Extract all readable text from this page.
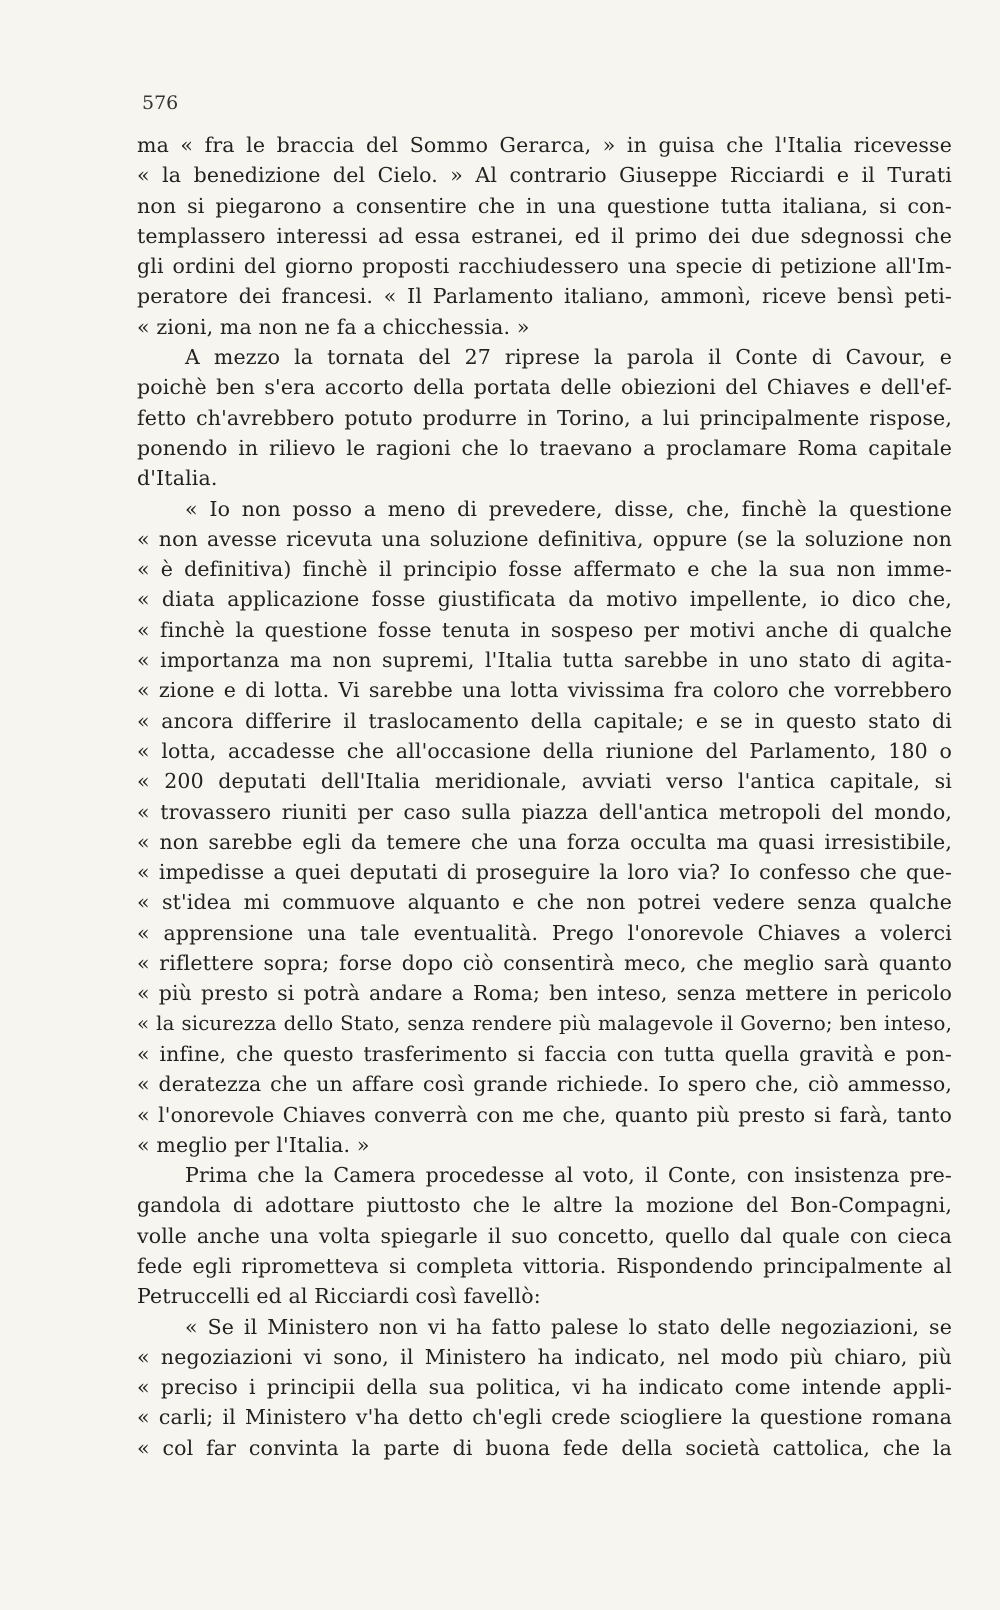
576
ma « fra le braccia del Sommo Gerarca, » in guisa che l'Italia ricevesse
« la benedizione del Cielo. » Al contrario Giuseppe Ricciardi e il Turati
non si piegarono a consentire che in una questione tutta italiana, si con-
templassero interessi ad essa estranei, ed il primo dei due sdegnossi che
gli ordini del giorno proposti racchiudessero una specie di petizione all'Im-
peratore dei francesi. « Il Parlamento italiano, ammonì, riceve bensì peti-
« zioni, ma non ne fa a chicchessia. »
A mezzo la tornata del 27 riprese la parola il Conte di Cavour, e
poichè ben s'era accorto della portata delle obiezioni del Chiaves e dell'ef-
fetto ch'avrebbero potuto produrre in Torino, a lui principalmente rispose,
ponendo in rilievo le ragioni che lo traevano a proclamare Roma capitale
d'Italia.
« Io non posso a meno di prevedere, disse, che, finchè la questione
« non avesse ricevuta una soluzione definitiva, oppure (se la soluzione non
« è definitiva) finchè il principio fosse affermato e che la sua non imme-
« diata applicazione fosse giustificata da motivo impellente, io dico che,
« finchè la questione fosse tenuta in sospeso per motivi anche di qualche
« importanza ma non supremi, l'Italia tutta sarebbe in uno stato di agita-
« zione e di lotta. Vi sarebbe una lotta vivissima fra coloro che vorrebbero
« ancora differire il traslocamento della capitale; e se in questo stato di
« lotta, accadesse che all'occasione della riunione del Parlamento, 180 o
« 200 deputati dell'Italia meridionale, avviati verso l'antica capitale, si
« trovassero riuniti per caso sulla piazza dell'antica metropoli del mondo,
« non sarebbe egli da temere che una forza occulta ma quasi irresistibile,
« impedisse a quei deputati di proseguire la loro via? Io confesso che que-
« st'idea mi commuove alquanto e che non potrei vedere senza qualche
« apprensione una tale eventualità. Prego l'onorevole Chiaves a volerci
« riflettere sopra; forse dopo ciò consentirà meco, che meglio sarà quanto
« più presto si potrà andare a Roma; ben inteso, senza mettere in pericolo
« la sicurezza dello Stato, senza rendere più malagevole il Governo; ben inteso,
« infine, che questo trasferimento si faccia con tutta quella gravità e pon-
« deratezza che un affare così grande richiede. Io spero che, ciò ammesso,
« l'onorevole Chiaves converrà con me che, quanto più presto si farà, tanto
« meglio per l'Italia. »
Prima che la Camera procedesse al voto, il Conte, con insistenza pre-
gandola di adottare piuttosto che le altre la mozione del Bon-Compagni,
volle anche una volta spiegarle il suo concetto, quello dal quale con cieca
fede egli riprometteva si completa vittoria. Rispondendo principalmente al
Petruccelli ed al Ricciardi così favellò:
« Se il Ministero non vi ha fatto palese lo stato delle negoziazioni, se
« negoziazioni vi sono, il Ministero ha indicato, nel modo più chiaro, più
« preciso i principii della sua politica, vi ha indicato come intende appli-
« carli; il Ministero v'ha detto ch'egli crede sciogliere la questione romana
« col far convinta la parte di buona fede della società cattolica, che la
